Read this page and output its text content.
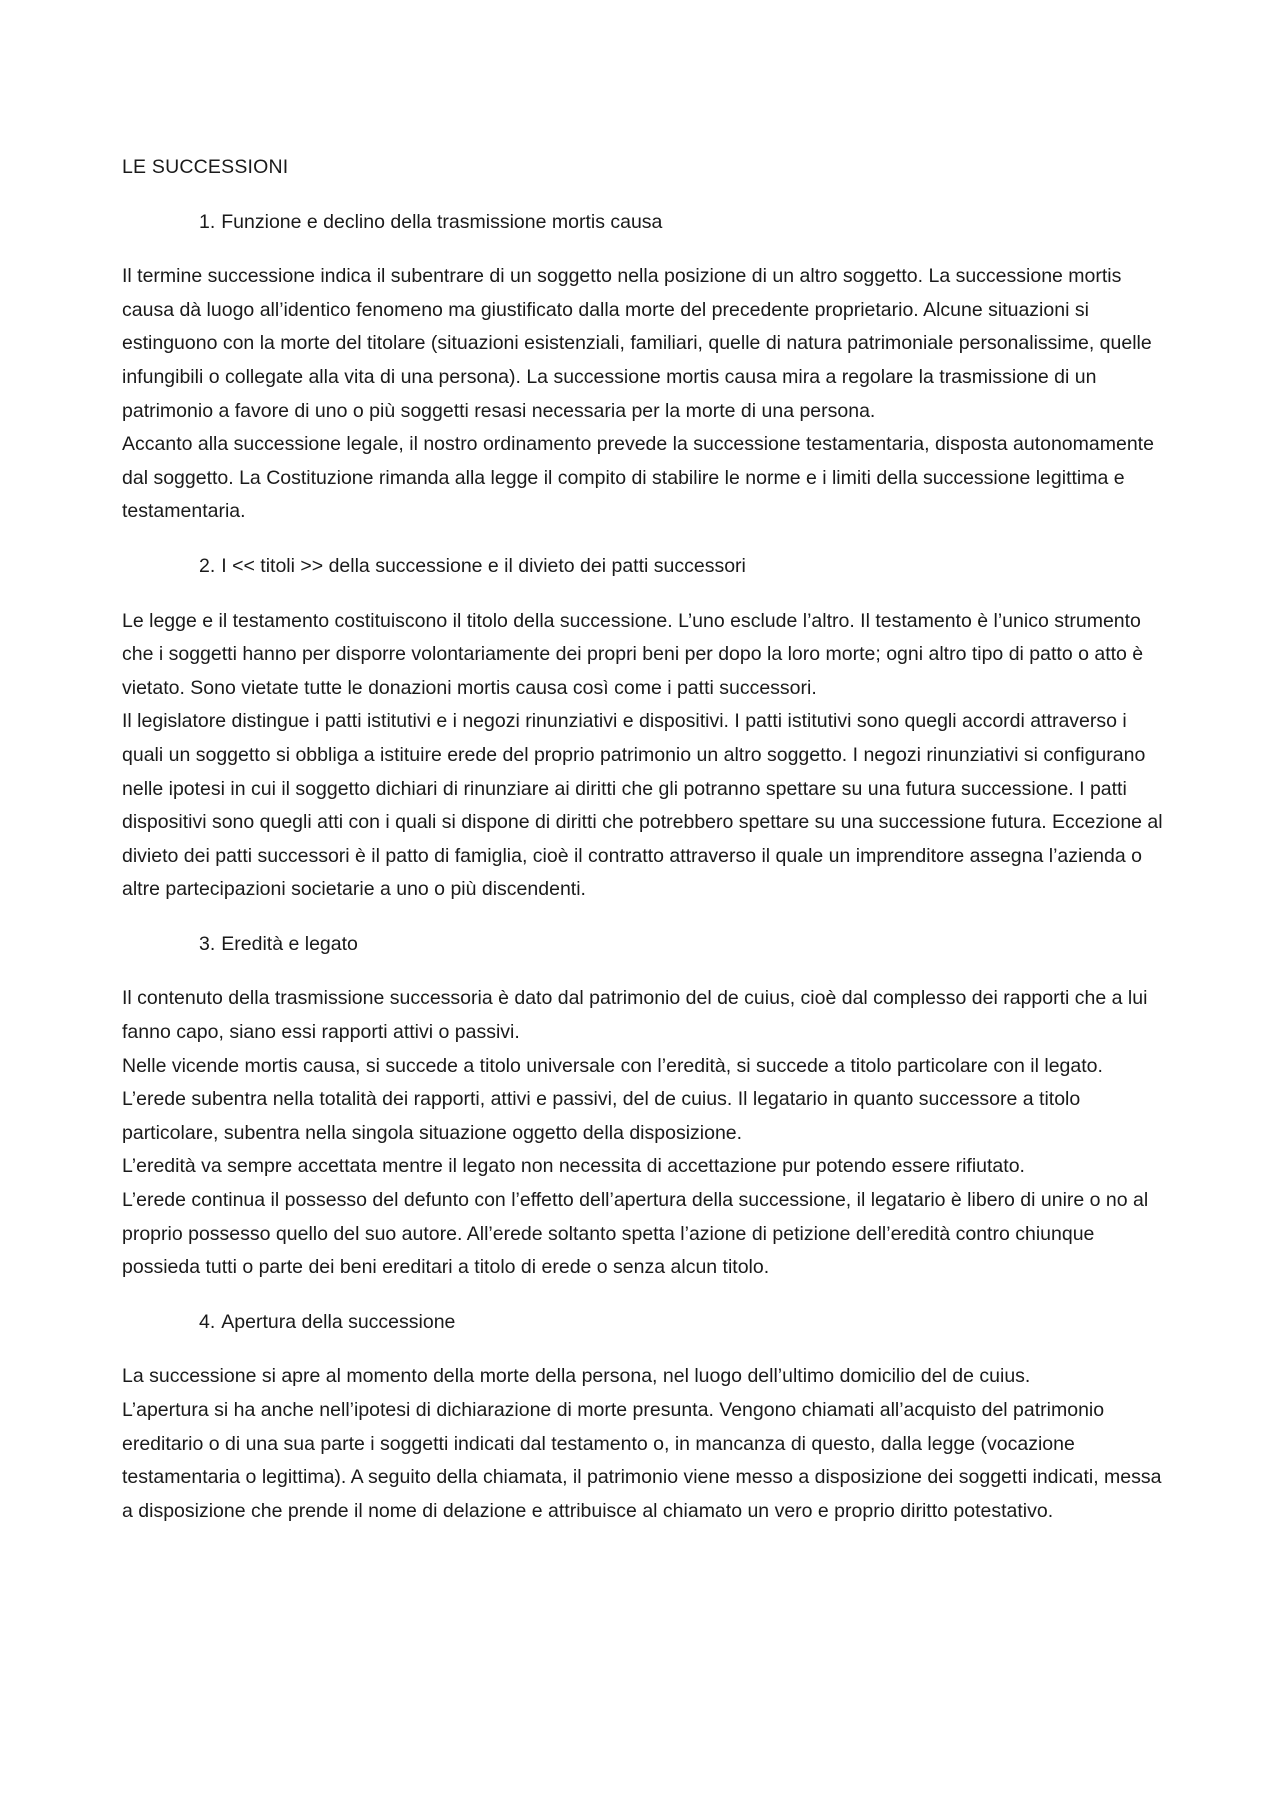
LE SUCCESSIONI
1. Funzione e declino della trasmissione mortis causa

Il termine successione indica il subentrare di un soggetto nella posizione di un altro soggetto. La successione mortis causa dà luogo all’identico fenomeno ma giustificato dalla morte del precedente proprietario. Alcune situazioni si estinguono con la morte del titolare (situazioni esistenziali, familiari, quelle di natura patrimoniale personalissime, quelle infungibili o collegate alla vita di una persona). La successione mortis causa mira a regolare la trasmissione di un patrimonio a favore di uno o più soggetti resasi necessaria per la morte di una persona.

Accanto alla successione legale, il nostro ordinamento prevede la successione testamentaria, disposta autonomamente dal soggetto. La Costituzione rimanda alla legge il compito di stabilire le norme e i limiti della successione legittima e testamentaria.

2. I << titoli >> della successione e il divieto dei patti successori

Le legge e il testamento costituiscono il titolo della successione. L’uno esclude l’altro. Il testamento è l’unico strumento che i soggetti hanno per disporre volontariamente dei propri beni per dopo la loro morte; ogni altro tipo di patto o atto è vietato. Sono vietate tutte le donazioni mortis causa così come i patti successori.

Il legislatore distingue i patti istitutivi e i negozi rinunziativi e dispositivi. I patti istitutivi sono quegli accordi attraverso i quali un soggetto si obbliga a istituire erede del proprio patrimonio un altro soggetto. I negozi rinunziativi si configurano nelle ipotesi in cui il soggetto dichiari di rinunziare ai diritti che gli potranno spettare su una futura successione. I patti dispositivi sono quegli atti con i quali si dispone di diritti che potrebbero spettare su una successione futura. Eccezione al divieto dei patti successori è il patto di famiglia, cioè il contratto attraverso il quale un imprenditore assegna l’azienda o altre partecipazioni societarie a uno o più discendenti.

3. Eredità e legato

Il contenuto della trasmissione successoria è dato dal patrimonio del de cuius, cioè dal complesso dei rapporti che a lui fanno capo, siano essi rapporti attivi o passivi.

Nelle vicende mortis causa, si succede a titolo universale con l’eredità, si succede a titolo particolare con il legato.

L’erede subentra nella totalità dei rapporti, attivi e passivi, del de cuius. Il legatario in quanto successore a titolo particolare, subentra nella singola situazione oggetto della disposizione.

L’eredità va sempre accettata mentre il legato non necessita di accettazione pur potendo essere rifiutato.

L’erede continua il possesso del defunto con l’effetto dell’apertura della successione, il legatario è libero di unire o no al proprio possesso quello del suo autore. All’erede soltanto spetta l’azione di petizione dell’eredità contro chiunque possieda tutti o parte dei beni ereditari a titolo di erede o senza alcun titolo.

4. Apertura della successione

La successione si apre al momento della morte della persona, nel luogo dell’ultimo domicilio del de cuius.

L’apertura si ha anche nell’ipotesi di dichiarazione di morte presunta. Vengono chiamati all’acquisto del patrimonio ereditario o di una sua parte i soggetti indicati dal testamento o, in mancanza di questo, dalla legge (vocazione testamentaria o legittima). A seguito della chiamata, il patrimonio viene messo a disposizione dei soggetti indicati, messa a disposizione che prende il nome di delazione e attribuisce al chiamato un vero e proprio diritto potestativo.
